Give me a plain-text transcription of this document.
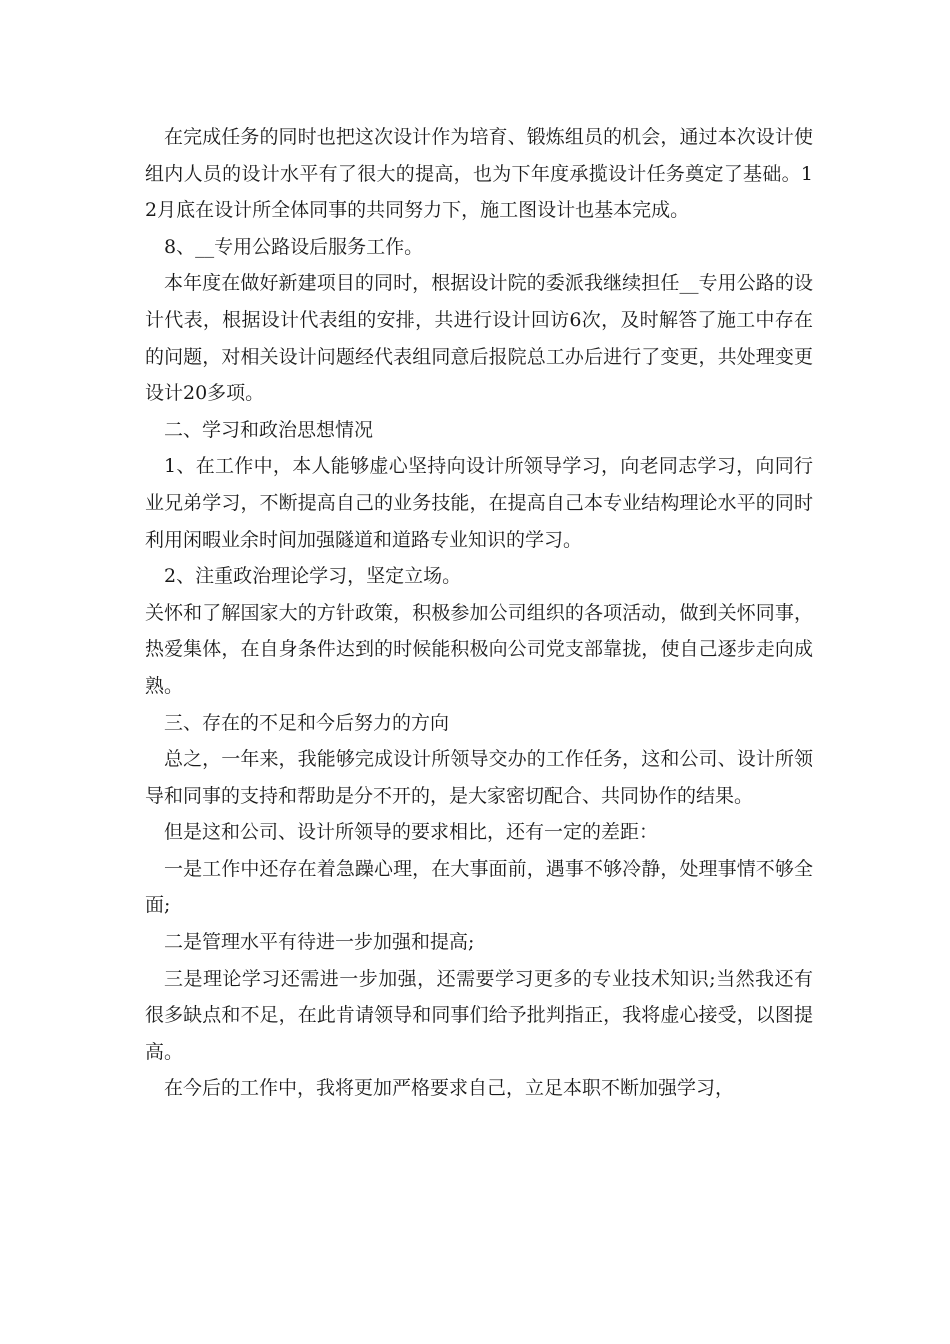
在完成任务的同时也把这次设计作为培育、锻炼组员的机会，通过本次设计使组内人员的设计水平有了很大的提高，也为下年度承揽设计任务奠定了基础。12月底在设计所全体同事的共同努力下，施工图设计也基本完成。

8、__专用公路设后服务工作。

本年度在做好新建项目的同时，根据设计院的委派我继续担任__专用公路的设计代表，根据设计代表组的安排，共进行设计回访6次，及时解答了施工中存在的问题，对相关设计问题经代表组同意后报院总工办后进行了变更，共处理变更设计20多项。

二、学习和政治思想情况

1、在工作中，本人能够虚心坚持向设计所领导学习，向老同志学习，向同行业兄弟学习，不断提高自己的业务技能，在提高自己本专业结构理论水平的同时利用闲暇业余时间加强隧道和道路专业知识的学习。

2、注重政治理论学习，坚定立场。

关怀和了解国家大的方针政策，积极参加公司组织的各项活动，做到关怀同事，热爱集体，在自身条件达到的时候能积极向公司党支部靠拢，使自己逐步走向成熟。

三、存在的不足和今后努力的方向

总之，一年来，我能够完成设计所领导交办的工作任务，这和公司、设计所领导和同事的支持和帮助是分不开的，是大家密切配合、共同协作的结果。

但是这和公司、设计所领导的要求相比，还有一定的差距：

一是工作中还存在着急躁心理，在大事面前，遇事不够冷静，处理事情不够全面;

二是管理水平有待进一步加强和提高;

三是理论学习还需进一步加强，还需要学习更多的专业技术知识;当然我还有很多缺点和不足，在此肯请领导和同事们给予批判指正，我将虚心接受，以图提高。

在今后的工作中，我将更加严格要求自己，立足本职不断加强学习，
